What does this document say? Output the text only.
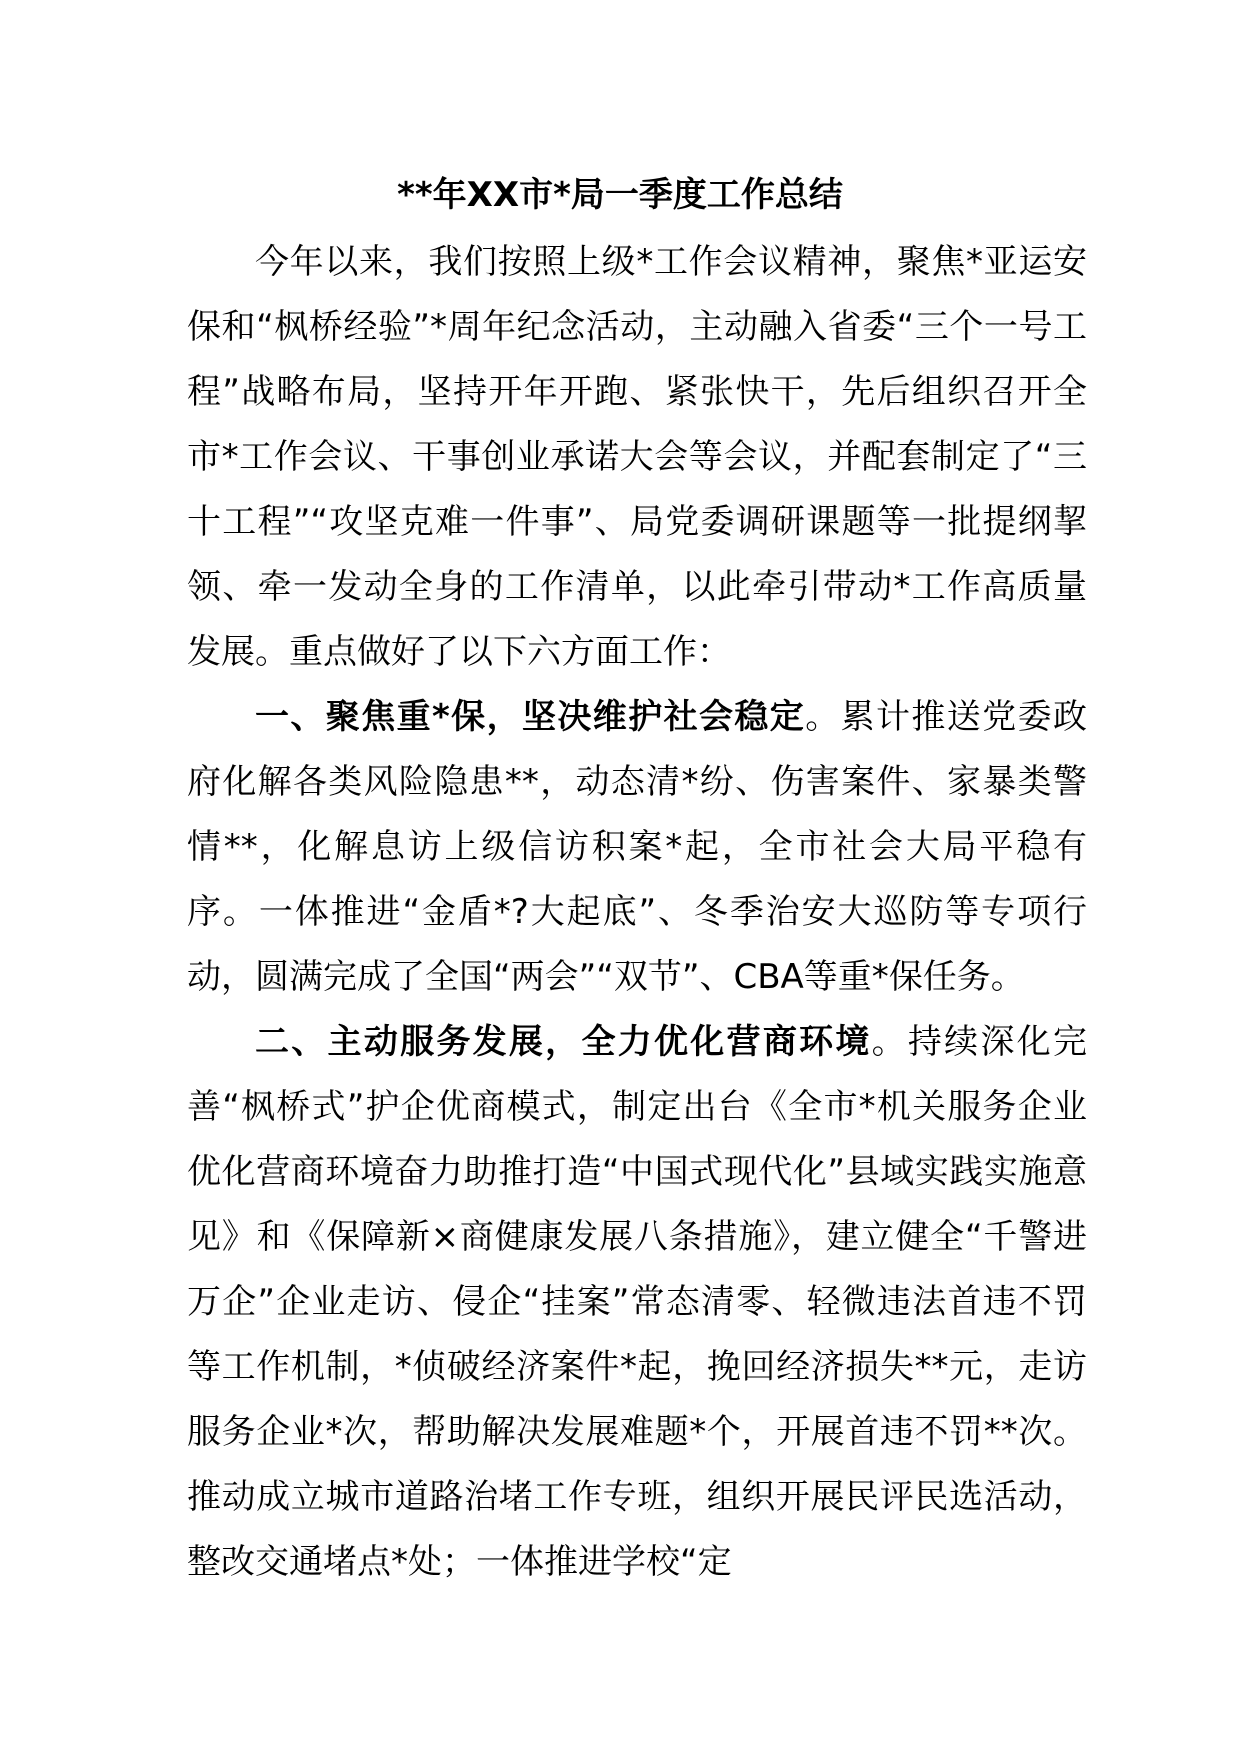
**年XX市*局一季度工作总结

今年以来，我们按照上级*工作会议精神，聚焦*亚运安保和“枫桥经验”*周年纪念活动，主动融入省委“三个一号工程”战略布局，坚持开年开跑、紧张快干，先后组织召开全市*工作会议、干事创业承诺大会等会议，并配套制定了“三十工程”“攻坚克难一件事”、局党委调研课题等一批提纲挈领、牵一发动全身的工作清单，以此牵引带动*工作高质量发展。重点做好了以下六方面工作：

一、聚焦重*保，坚决维护社会稳定。累计推送党委政府化解各类风险隐患**，动态清*纷、伤害案件、家暴类警情**，化解息访上级信访积案*起，全市社会大局平稳有序。一体推进“金盾*?大起底”、冬季治安大巡防等专项行动，圆满完成了全国“两会”“双节”、CBA等重*保任务。

二、主动服务发展，全力优化营商环境。持续深化完善“枫桥式”护企优商模式，制定出台《全市*机关服务企业优化营商环境奋力助推打造“中国式现代化”县域实践实施意见》和《保障新×商健康发展八条措施》，建立健全“千警进万企”企业走访、侵企“挂案”常态清零、轻微违法首违不罚等工作机制，*侦破经济案件*起，挽回经济损失**元，走访服务企业*次，帮助解决发展难题*个，开展首违不罚**次。推动成立城市道路治堵工作专班，组织开展民评民选活动，整改交通堵点*处；一体推进学校“定
